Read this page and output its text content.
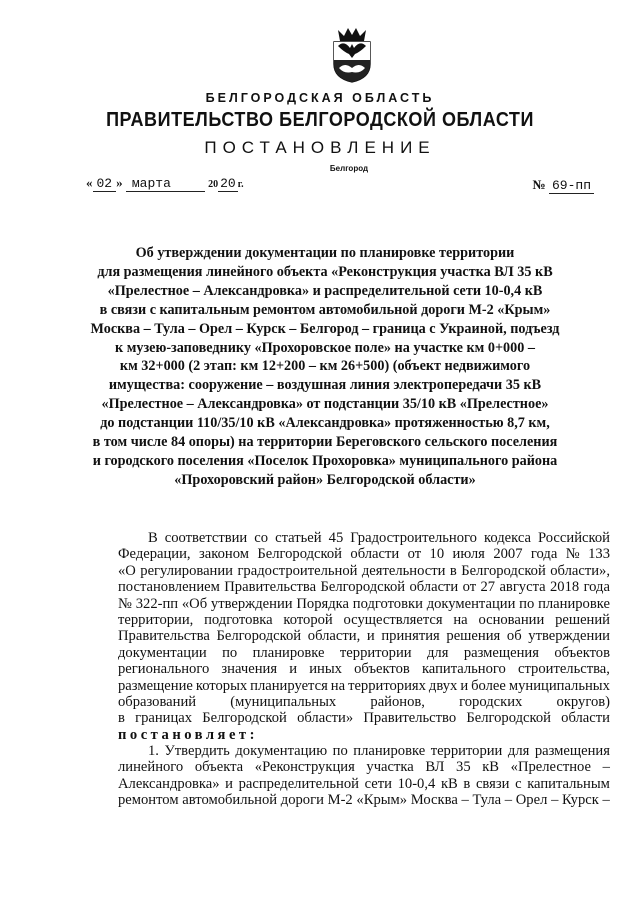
БЕЛГОРОДСКАЯ ОБЛАСТЬ
ПРАВИТЕЛЬСТВО БЕЛГОРОДСКОЙ ОБЛАСТИ
ПОСТАНОВЛЕНИЕ
Белгород
« 02 » марта	20 20 г.	№ 69-пп
Об утверждении документации по планировке территории
для размещения линейного объекта «Реконструкция участка ВЛ 35 кВ
«Прелестное – Александровка» и распределительной сети 10-0,4 кВ
в связи с капитальным ремонтом автомобильной дороги М-2 «Крым»
Москва – Тула – Орел – Курск – Белгород – граница с Украиной, подъезд
к музею-заповеднику «Прохоровское поле» на участке км 0+000 –
км 32+000 (2 этап: км 12+200 – км 26+500) (объект недвижимого
имущества: сооружение – воздушная линия электропередачи 35 кВ
«Прелестное – Александровка» от подстанции 35/10 кВ «Прелестное»
до подстанции 110/35/10 кВ «Александровка» протяженностью 8,7 км,
в том числе 84 опоры) на территории Береговского сельского поселения
и городского поселения «Поселок Прохоровка» муниципального района
«Прохоровский район» Белгородской области»
В соответствии со статьей 45 Градостроительного кодекса Российской
Федерации, законом Белгородской области от 10 июля 2007 года № 133
«О регулировании градостроительной деятельности в Белгородской области»,
постановлением Правительства Белгородской области от 27 августа 2018 года
№ 322-пп «Об утверждении Порядка подготовки документации по планировке
территории, подготовка которой осуществляется на основании решений
Правительства Белгородской области, и принятия решения об утверждении
документации по планировке территории для размещения объектов
регионального значения и иных объектов капитального строительства,
размещение которых планируется на территориях двух и более муниципальных
образований (муниципальных районов, городских округов)
в границах Белгородской области» Правительство Белгородской области
постановляет:
1. Утвердить документацию по планировке территории для размещения
линейного объекта «Реконструкция участка ВЛ 35 кВ «Прелестное –
Александровка» и распределительной сети 10-0,4 кВ в связи с капитальным
ремонтом автомобильной дороги М-2 «Крым» Москва – Тула – Орел – Курск –
